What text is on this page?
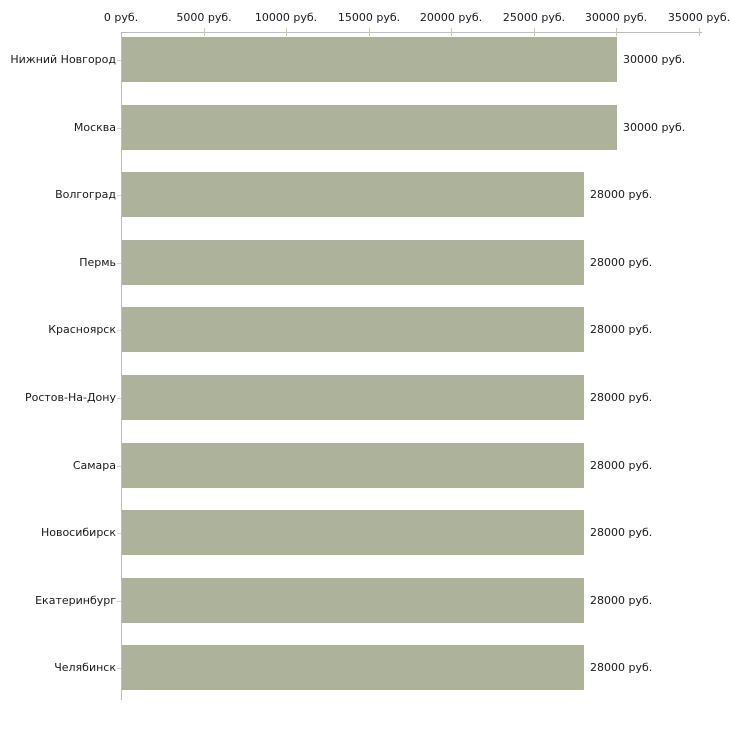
0 руб.	5000 руб. 10000 руб. 15000 руб. 20000 руб. 25000 руб. 30000 руб. 35000 руб.
Нижний Новгород	30000 руб.
Москва	30000 руб.
Волгоград	28000 руб.
Пермь	28000 руб.
Красноярск	28000 руб.
Ростов-На-Дону	28000 руб.
Самара	28000 руб.
Новосибирск	28000 руб.
Екатеринбург	28000 руб.
Челябинск	28000 руб.
